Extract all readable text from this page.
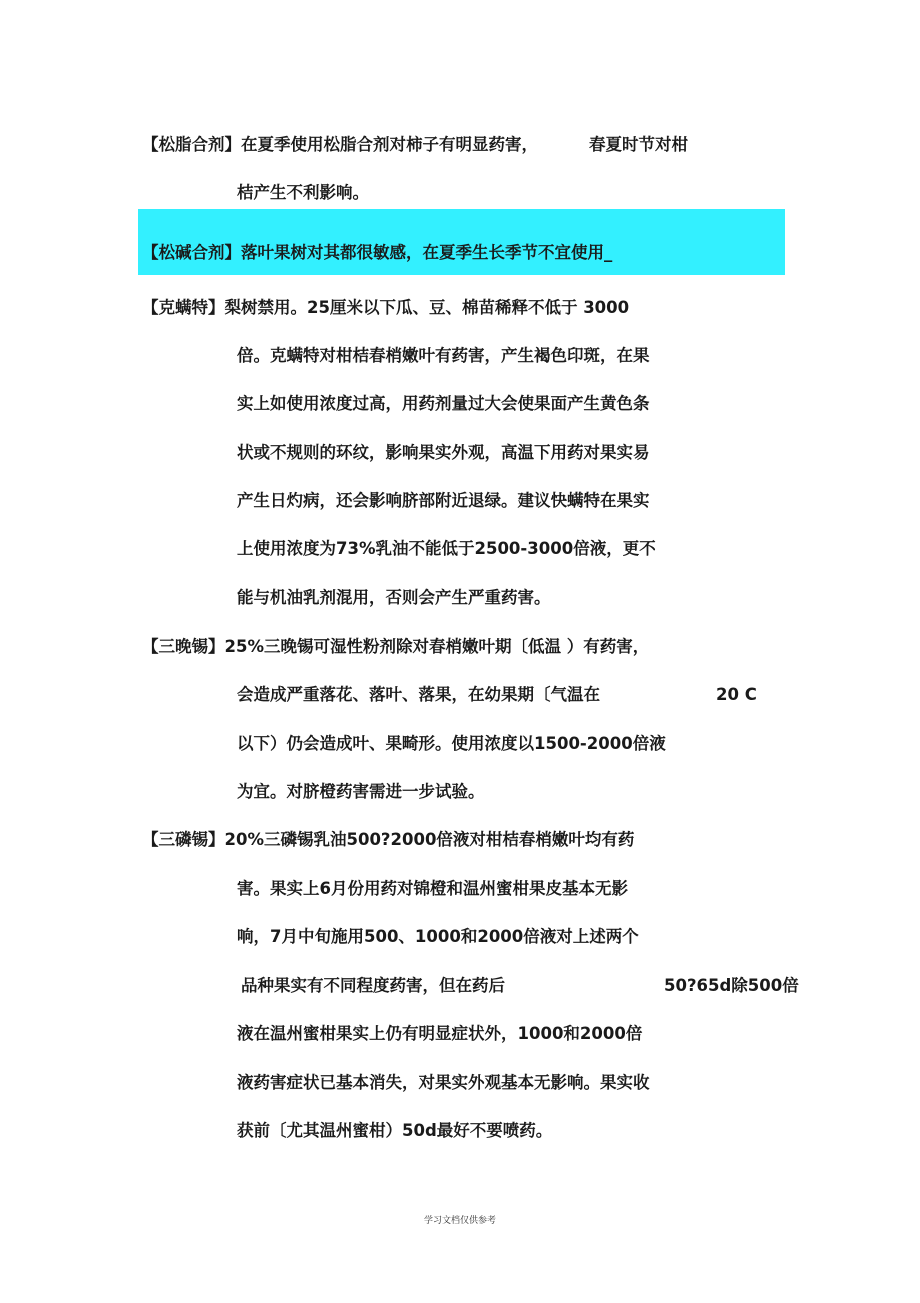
【松脂合剂】在夏季使用松脂合剂对柿子有明显药害，	春夏时节对柑
桔产生不利影响。
【松碱合剂】落叶果树对其都很敏感，在夏季生长季节不宜使用_
【克螨特】梨树禁用。25厘米以下瓜、豆、棉苗稀释不低于 3000
倍。克螨特对柑桔春梢嫩叶有药害，产生褐色印斑，在果
实上如使用浓度过高，用药剂量过大会使果面产生黄色条
状或不规则的环纹，影响果实外观，高温下用药对果实易
产生日灼病，还会影响脐部附近退绿。建议快螨特在果实
上使用浓度为73%乳油不能低于2500-3000倍液，更不
能与机油乳剂混用，否则会产生严重药害。
【三晚锡】25%三晚锡可湿性粉剂除对春梢嫩叶期〔低温 ）有药害，
会造成严重落花、落叶、落果，在幼果期〔气温在	20 C
以下）仍会造成叶、果畸形。使用浓度以1500-2000倍液
为宜。对脐橙药害需进一步试验。
【三磷锡】20%三磷锡乳油500?2000倍液对柑桔春梢嫩叶均有药
害。果实上6月份用药对锦橙和温州蜜柑果皮基本无影
响，7月中旬施用500、1000和2000倍液对上述两个
品种果实有不同程度药害，但在药后	50?65d除500倍
液在温州蜜柑果实上仍有明显症状外，1000和2000倍
液药害症状已基本消失，对果实外观基本无影响。果实收
获前〔尤其温州蜜柑）50d最好不要喷药。
学习文档仅供参考
